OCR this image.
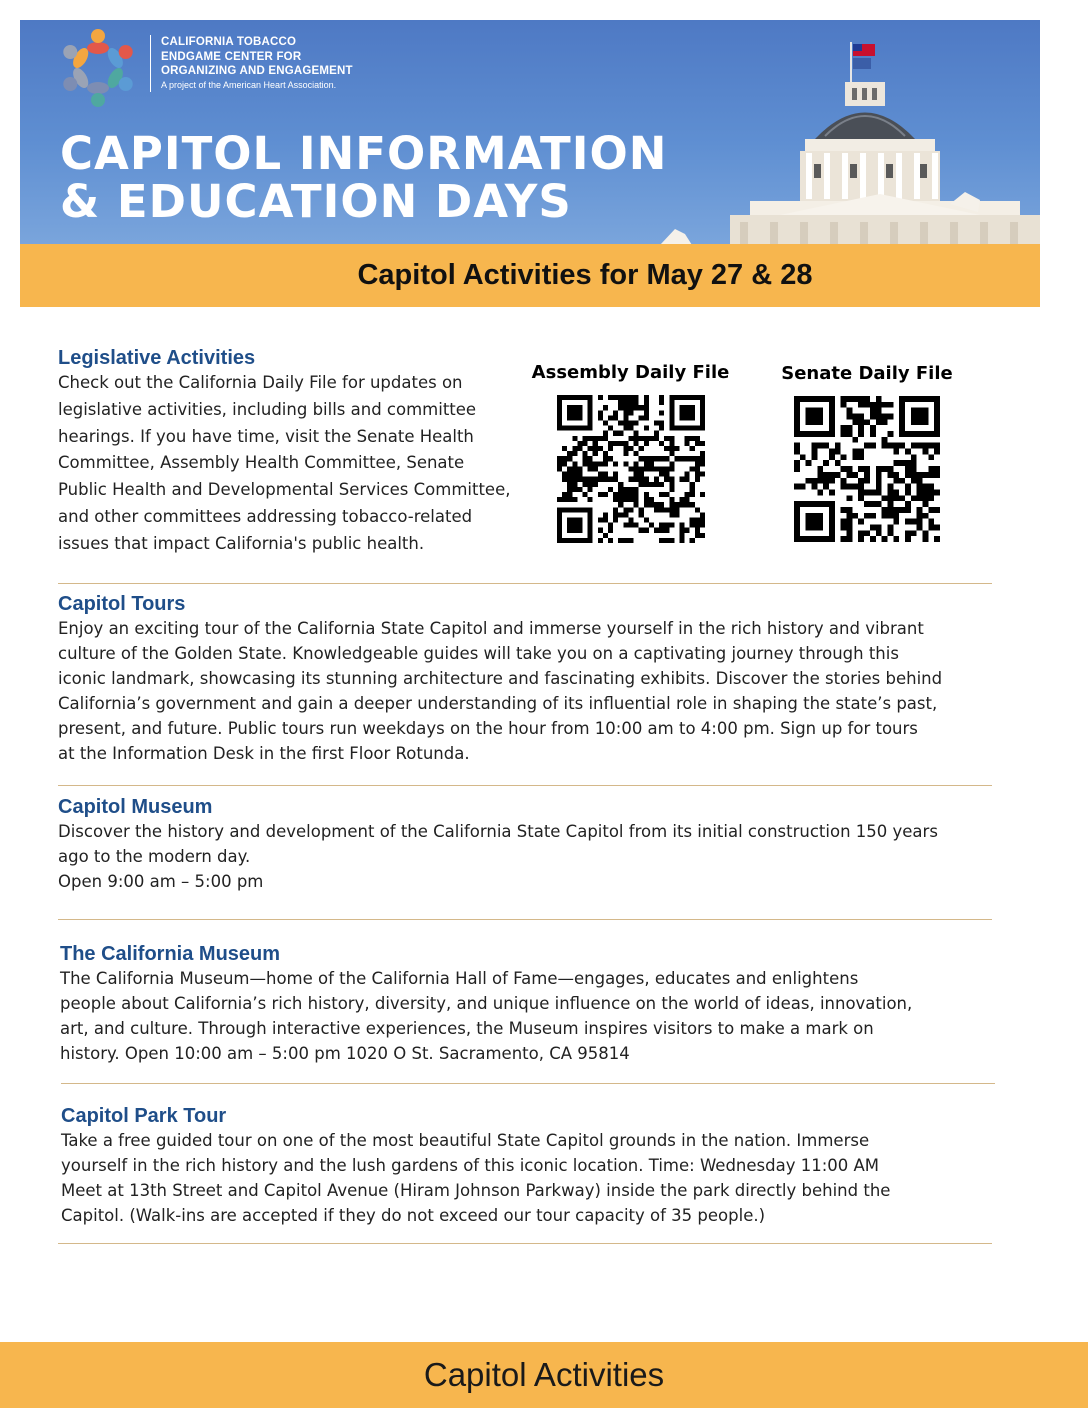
CALIFORNIA TOBACCO
ENDGAME CENTER FOR
ORGANIZING AND ENGAGEMENT
A project of the American Heart Association.
CAPITOL INFORMATION
& EDUCATION DAYS
Capitol Activities for May 27 & 28
Legislative Activities

Check out the California Daily File for updates on
legislative activities, including bills and committee
hearings. If you have time, visit the Senate Health
Committee, Assembly Health Committee, Senate
Public Health and Developmental Services Committee,
and other committees addressing tobacco-related
issues that impact California's public health.

Assembly Daily File	Senate Daily File
Capitol Tours

Enjoy an exciting tour of the California State Capitol and immerse yourself in the rich history and vibrant
culture of the Golden State. Knowledgeable guides will take you on a captivating journey through this
iconic landmark, showcasing its stunning architecture and fascinating exhibits. Discover the stories behind
California’s government and gain a deeper understanding of its influential role in shaping the state’s past,
present, and future. Public tours run weekdays on the hour from 10:00 am to 4:00 pm. Sign up for tours
at the Information Desk in the first Floor Rotunda.

Capitol Museum

Discover the history and development of the California State Capitol from its initial construction 150 years
ago to the modern day.
Open 9:00 am – 5:00 pm

The California Museum

The California Museum—home of the California Hall of Fame—engages, educates and enlightens
people about California’s rich history, diversity, and unique influence on the world of ideas, innovation,
art, and culture. Through interactive experiences, the Museum inspires visitors to make a mark on
history. Open 10:00 am – 5:00 pm 1020 O St. Sacramento, CA 95814

Capitol Park Tour

Take a free guided tour on one of the most beautiful State Capitol grounds in the nation. Immerse
yourself in the rich history and the lush gardens of this iconic location. Time: Wednesday 11:00 AM
Meet at 13th Street and Capitol Avenue (Hiram Johnson Parkway) inside the park directly behind the
Capitol. (Walk-ins are accepted if they do not exceed our tour capacity of 35 people.)

Capitol Activities
